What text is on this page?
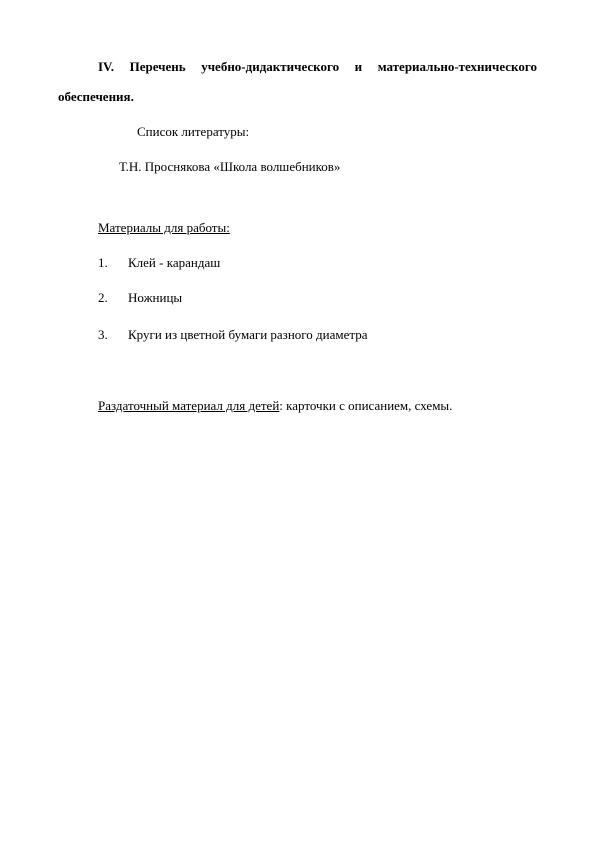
IV. Перечень учебно-дидактического и материально-технического
обеспечения.
Список литературы:
Т.Н. Проснякова «Школа волшебников»
Материалы для работы:
1. Клей - карандаш
2. Ножницы
3. Круги из цветной бумаги разного диаметра
Раздаточный материал для детей: карточки с описанием, схемы.
